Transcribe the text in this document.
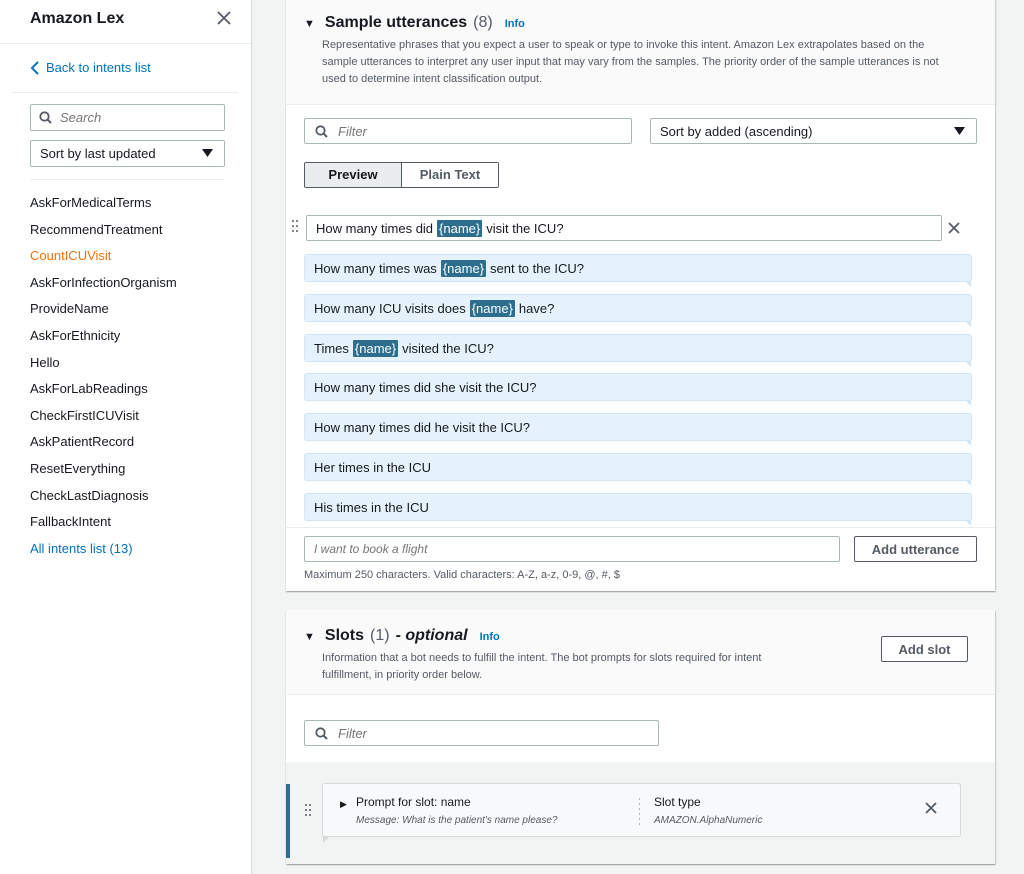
Amazon Lex
Back to intents list
Search
Sort by last updated
AskForMedicalTerms
RecommendTreatment
CountICUVisit
AskForInfectionOrganism
ProvideName
AskForEthnicity
Hello
AskForLabReadings
CheckFirstICUVisit
AskPatientRecord
ResetEverything
CheckLastDiagnosis
FallbackIntent
All intents list (13)
▼ Sample utterances (8) Info
Representative phrases that you expect a user to speak or type to invoke this intent. Amazon Lex extrapolates based on the sample utterances to interpret any user input that may vary from the samples. The priority order of the sample utterances is not used to determine intent classification output.
Filter
Sort by added (ascending)
Preview	Plain Text
How many times did {name} visit the ICU?
How many times was {name} sent to the ICU?
How many ICU visits does {name} have?
Times {name} visited the ICU?
How many times did she visit the ICU?
How many times did he visit the ICU?
Her times in the ICU
His times in the ICU
I want to book a flight
Add utterance
Maximum 250 characters. Valid characters: A-Z, a-z, 0-9, @, #, $
▼ Slots (1) - optional Info
Information that a bot needs to fulfill the intent. The bot prompts for slots required for intent fulfillment, in priority order below.
Add slot
Filter
▶ Prompt for slot: name
Message: What is the patient's name please?
Slot type
AMAZON.AlphaNumeric
